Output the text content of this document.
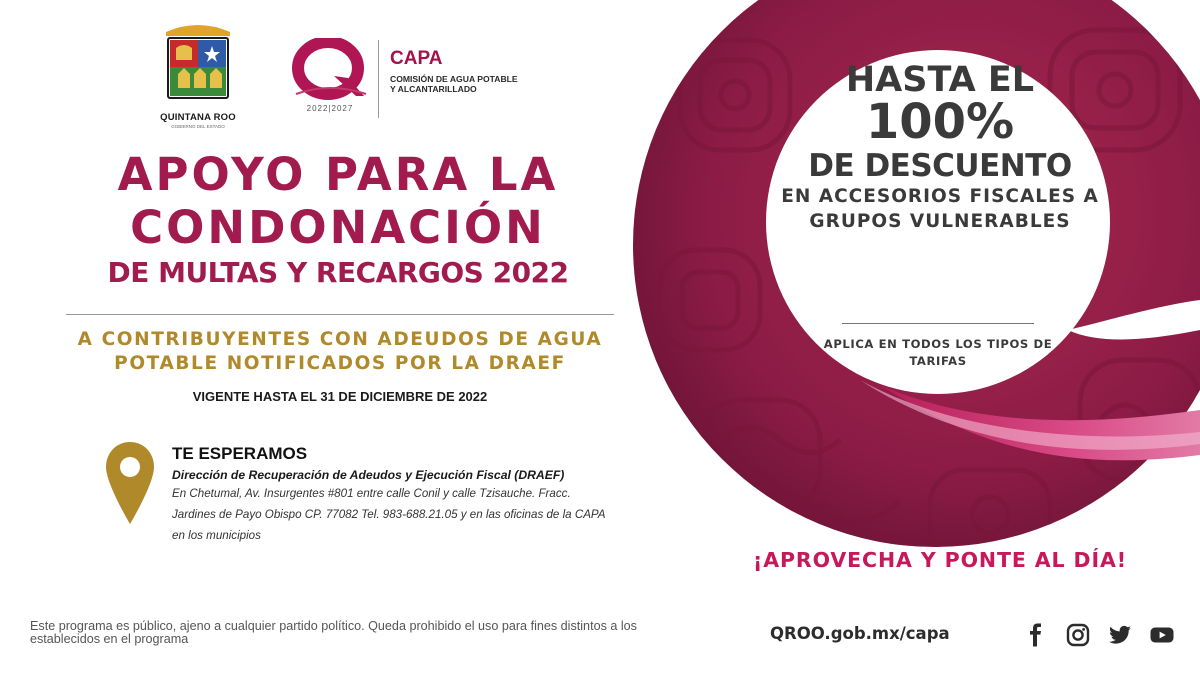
QUINTANA ROO
GOBIERNO DEL ESTADO
2022|2027
CAPA
COMISIÓN DE AGUA POTABLE Y ALCANTARILLADO
APOYO PARA LA
CONDONACIÓN
DE MULTAS Y RECARGOS 2022
A CONTRIBUYENTES CON ADEUDOS DE AGUA POTABLE NOTIFICADOS POR LA DRAEF
VIGENTE HASTA EL 31 DE DICIEMBRE DE 2022
TE ESPERAMOS
Dirección de Recuperación de Adeudos y Ejecución Fiscal (DRAEF)
En Chetumal, Av. Insurgentes #801 entre calle Conil y calle Tzisauche. Fracc. Jardines de Payo Obispo CP. 77082 Tel. 983-688.21.05 y en las oficinas de la CAPA en los municipios
HASTA EL
100%
DE DESCUENTO
EN ACCESORIOS FISCALES A GRUPOS VULNERABLES
APLICA EN TODOS LOS TIPOS DE TARIFAS
¡APROVECHA Y PONTE AL DÍA!
Este programa es público, ajeno a cualquier partido político. Queda prohibido el uso para fines distintos a los establecidos en el programa	QROO.gob.mx/capa
